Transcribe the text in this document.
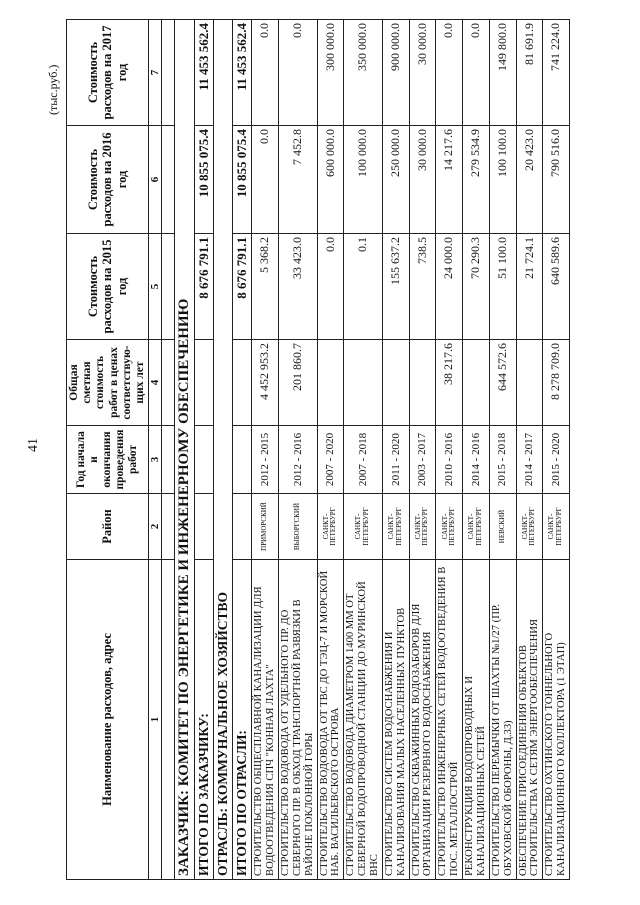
41
(тыс.руб.)
Наименование расходов, адрес	Район	Год начала и окончания проведения работ	Общая сметная стоимость работ в ценах соответствую-щих лет	Стоимость расходов на 2015 год	Стоимость расходов на 2016 год	Стоимость расходов на 2017 год
1	2	3	4	5	6	7

ЗАКАЗЧИК: КОМИТЕТ ПО ЭНЕРГЕТИКЕ И ИНЖЕНЕРНОМУ ОБЕСПЕЧЕНИЮ						
ИТОГО ПО ЗАКАЗЧИКУ:				8 676 791.1	10 855 075.4	11 453 562.4
ОТРАСЛЬ: КОММУНАЛЬНОЕ ХОЗЯЙСТВО						
ИТОГО ПО ОТРАСЛИ:				8 676 791.1	10 855 075.4	11 453 562.4
СТРОИТЕЛЬСТВО ОБЩЕСПЛАВНОЙ КАНАЛИЗАЦИИ ДЛЯ ВОДООТВЕДЕНИЯ СПЧ "КОННАЯ ЛАХТА"	ПРИМОРСКИЙ	2012 - 2015	4 452 953.2	5 368.2	0.0	0.0
СТРОИТЕЛЬСТВО ВОДОВОДА ОТ УДЕЛЬНОГО ПР. ДО СЕВЕРНОГО ПР. В ОБХОД ТРАНСПОРТНОЙ РАЗВЯЗКИ В РАЙОНЕ ПОКЛОННОЙ ГОРЫ	ВЫБОРГСКИЙ	2012 - 2016	201 860.7	33 423.0	7 452.8	0.0
СТРОИТЕЛЬСТВО ВОДОВОДА ОТ ТВС ДО ТЭЦ-7 И МОРСКОЙ НАБ. ВАСИЛЬЕВСКОГО ОСТРОВА	САНКТ-ПЕТЕРБУРГ	2007 - 2020		0.0	600 000.0	300 000.0
СТРОИТЕЛЬСТВО ВОДОВОДА ДИАМЕТРОМ 1400 ММ ОТ СЕВЕРНОЙ ВОДОПРОВОДНОЙ СТАНЦИИ ДО МУРИНСКОЙ ВНС	САНКТ-ПЕТЕРБУРГ	2007 - 2018		0.1	100 000.0	350 000.0
СТРОИТЕЛЬСТВО СИСТЕМ ВОДОСНАБЖЕНИЯ И КАНАЛИЗОВАНИЯ МАЛЫХ НАСЕЛЕННЫХ ПУНКТОВ	САНКТ-ПЕТЕРБУРГ	2011 - 2020		155 637.2	250 000.0	900 000.0
СТРОИТЕЛЬСТВО СКВАЖИННЫХ ВОДОЗАБОРОВ ДЛЯ ОРГАНИЗАЦИИ РЕЗЕРВНОГО ВОДОСНАБЖЕНИЯ	САНКТ-ПЕТЕРБУРГ	2003 - 2017		738.5	30 000.0	30 000.0
СТРОИТЕЛЬСТВО ИНЖЕНЕРНЫХ СЕТЕЙ ВОДООТВЕДЕНИЯ В ПОС. МЕТАЛЛОСТРОЙ	САНКТ-ПЕТЕРБУРГ	2010 - 2016	38 217.6	24 000.0	14 217.6	0.0
РЕКОНСТРУКЦИЯ ВОДОПРОВОДНЫХ И КАНАЛИЗАЦИОННЫХ СЕТЕЙ	САНКТ-ПЕТЕРБУРГ	2014 - 2016		70 290.3	279 534.9	0.0
СТРОИТЕЛЬСТВО ПЕРЕМЫЧКИ ОТ ШАХТЫ №1/27 (ПР. ОБУХОВСКОЙ ОБОРОНЫ, Д.33)	НЕВСКИЙ	2015 - 2018	644 572.6	51 100.0	100 100.0	149 800.0
ОБЕСПЕЧЕНИЕ ПРИСОЕДИНЕНИЯ ОБЪЕКТОВ СТРОИТЕЛЬСТВА К СЕТЯМ ЭНЕРГООБЕСПЕЧЕНИЯ	САНКТ-ПЕТЕРБУРГ	2014 - 2017		21 724.1	20 423.0	81 691.9
СТРОИТЕЛЬСТВО ОХТИНСКОГО ТОННЕЛЬНОГО КАНАЛИЗАЦИОННОГО КОЛЛЕКТОРА (1 ЭТАП)	САНКТ-ПЕТЕРБУРГ	2015 - 2020	8 278 709.0	640 589.6	790 516.0	741 224.0
